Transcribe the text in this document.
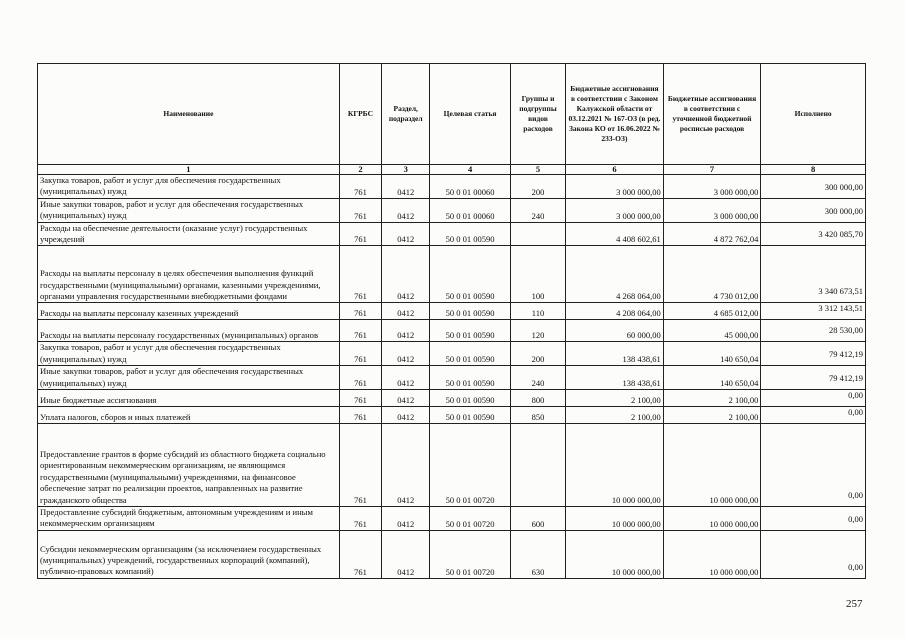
Наименование	КГРБС	Раздел, подраздел	Целевая статья	Группы и подгруппы видов расходов	Бюджетные ассигнования в соответствии с Законом Калужской области от 03.12.2021 № 167-ОЗ (в ред. Закона КО от 16.06.2022 № 233-ОЗ)	Бюджетные ассигнования в соответствии с уточненной бюджетной росписью расходов	Исполнено
1	2	3	4	5	6	7	8
Закупка товаров, работ и услуг для обеспечения государственных (муниципальных) нужд	761	0412	50 0 01 00060	200	3 000 000,00	3 000 000,00	300 000,00
Иные закупки товаров, работ и услуг для обеспечения государственных (муниципальных) нужд	761	0412	50 0 01 00060	240	3 000 000,00	3 000 000,00	300 000,00
Расходы на обеспечение деятельности (оказание услуг) государственных учреждений	761	0412	50 0 01 00590		4 408 602,61	4 872 762,04	3 420 085,70
Расходы на выплаты персоналу в целях обеспечения выполнения функций государственными (муниципальными) органами, казенными учреждениями, органами управления государственными внебюджетными фондами	761	0412	50 0 01 00590	100	4 268 064,00	4 730 012,00	3 340 673,51
Расходы на выплаты персоналу казенных учреждений	761	0412	50 0 01 00590	110	4 208 064,00	4 685 012,00	3 312 143,51
Расходы на выплаты персоналу государственных (муниципальных) органов	761	0412	50 0 01 00590	120	60 000,00	45 000,00	28 530,00
Закупка товаров, работ и услуг для обеспечения государственных (муниципальных) нужд	761	0412	50 0 01 00590	200	138 438,61	140 650,04	79 412,19
Иные закупки товаров, работ и услуг для обеспечения государственных (муниципальных) нужд	761	0412	50 0 01 00590	240	138 438,61	140 650,04	79 412,19
Иные бюджетные ассигнования	761	0412	50 0 01 00590	800	2 100,00	2 100,00	0,00
Уплата налогов, сборов и иных платежей	761	0412	50 0 01 00590	850	2 100,00	2 100,00	0,00
Предоставление грантов в форме субсидий из областного бюджета социально ориентированным некоммерческим организациям, не являющимся государственными (муниципальными) учреждениями, на финансовое обеспечение затрат по реализации проектов, направленных на развитие гражданского общества	761	0412	50 0 01 00720		10 000 000,00	10 000 000,00	0,00
Предоставление субсидий бюджетным, автономным учреждениям и иным некоммерческим организациям	761	0412	50 0 01 00720	600	10 000 000,00	10 000 000,00	0,00
Субсидии некоммерческим организациям (за исключением государственных (муниципальных) учреждений, государственных корпораций (компаний), публично-правовых компаний)	761	0412	50 0 01 00720	630	10 000 000,00	10 000 000,00	0,00
257
